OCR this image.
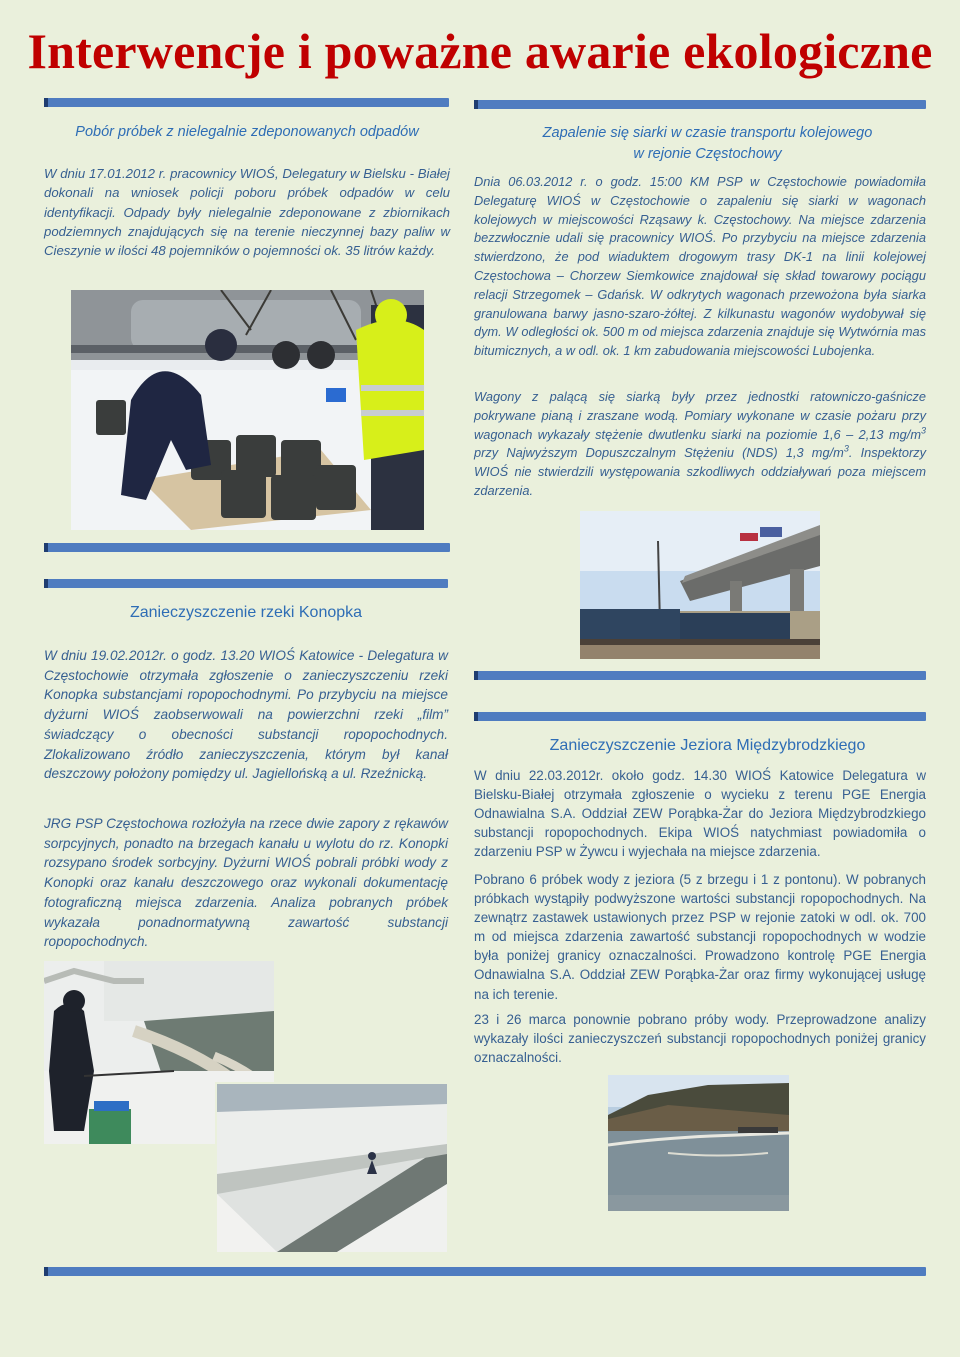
Interwencje i poważne awarie ekologiczne
Pobór próbek z nielegalnie zdeponowanych odpadów

W dniu 17.01.2012 r. pracownicy WIOŚ, Delegatury w Bielsku - Białej dokonali na wniosek policji poboru próbek odpadów w celu identyfikacji. Odpady były nielegalnie zdeponowane z zbiornikach podziemnych znajdujących się na terenie nieczynnej bazy paliw w Cieszynie w ilości 48 pojemników o pojemności ok. 35 litrów każdy.

Zapalenie się siarki w czasie transportu kolejowego
w rejonie Częstochowy

Dnia 06.03.2012 r. o godz. 15:00 KM PSP w Częstochowie powiadomiła Delegaturę WIOŚ w Częstochowie o zapaleniu się siarki w wagonach kolejowych w miejscowości Rząsawy k. Częstochowy. Na miejsce zdarzenia bezzwłocznie udali się pracownicy WIOŚ. Po przybyciu na miejsce zdarzenia stwierdzono, że pod wiaduktem drogowym trasy DK-1 na linii kolejowej Częstochowa – Chorzew Siemkowice znajdował się skład towarowy pociągu relacji Strzegomek – Gdańsk. W odkrytych wagonach przewożona była siarka granulowana barwy jasno-szaro-żółtej. Z kilkunastu wagonów wydobywał się dym. W odległości ok. 500 m od miejsca zdarzenia znajduje się Wytwórnia mas bitumicznych, a w odl. ok. 1 km zabudowania miejscowości Lubojenka.

Wagony z palącą się siarką były przez jednostki ratowniczo-gaśnicze pokrywane pianą i zraszane wodą. Pomiary wykonane w czasie pożaru przy wagonach wykazały stężenie dwutlenku siarki na poziomie 1,6 – 2,13 $mg/m^3$ przy Najwyższym Dopuszczalnym Stężeniu (NDS) 1,3 $mg/m^3$. Inspektorzy WIOŚ nie stwierdzili występowania szkodliwych oddziaływań poza miejscem zdarzenia.

Zanieczyszczenie rzeki Konopka

W dniu 19.02.2012r. o godz. 13.20 WIOŚ Katowice - Delegatura w Częstochowie otrzymała zgłoszenie o zanieczyszczeniu rzeki Konopka substancjami ropopochodnymi. Po przybyciu na miejsce dyżurni WIOŚ zaobserwowali na powierzchni rzeki „film” świadczący o obecności substancji ropopochodnych. Zlokalizowano źródło zanieczyszczenia, którym był kanał deszczowy położony pomiędzy ul. Jagiellońską a ul. Rzeźnicką.

JRG PSP Częstochowa rozłożyła na rzece dwie zapory z rękawów sorpcyjnych, ponadto na brzegach kanału u wylotu do rz. Konopki rozsypano środek sorbcyjny. Dyżurni WIOŚ pobrali próbki wody z Konopki oraz kanału deszczowego oraz wykonali dokumentację fotograficzną miejsca zdarzenia. Analiza pobranych próbek wykazała ponadnormatywną zawartość substancji ropopochodnych.

Zanieczyszczenie Jeziora Międzybrodzkiego

W dniu 22.03.2012r. około godz. 14.30 WIOŚ Katowice Delegatura w Bielsku-Białej otrzymała zgłoszenie o wycieku z terenu PGE Energia Odnawialna S.A. Oddział ZEW Porąbka-Żar do Jeziora Międzybrodzkiego substancji ropopochodnych. Ekipa WIOŚ natychmiast powiadomiła o zdarzeniu PSP w Żywcu i wyjechała na miejsce zdarzenia.

Pobrano 6 próbek wody z jeziora (5 z brzegu i 1 z pontonu). W pobranych próbkach wystąpiły podwyższone wartości substancji ropopochodnych. Na zewnątrz zastawek ustawionych przez PSP w rejonie zatoki w odl. ok. 700 m od miejsca zdarzenia zawartość substancji ropopochodnych w wodzie była poniżej granicy oznaczalności. Prowadzono kontrolę PGE Energia Odnawialna S.A. Oddział ZEW Porąbka-Żar oraz firmy wykonującej usługę na ich terenie.

23 i 26 marca ponownie pobrano próby wody. Przeprowadzone analizy wykazały ilości zanieczyszczeń substancji ropopochodnych poniżej granicy oznaczalności.
